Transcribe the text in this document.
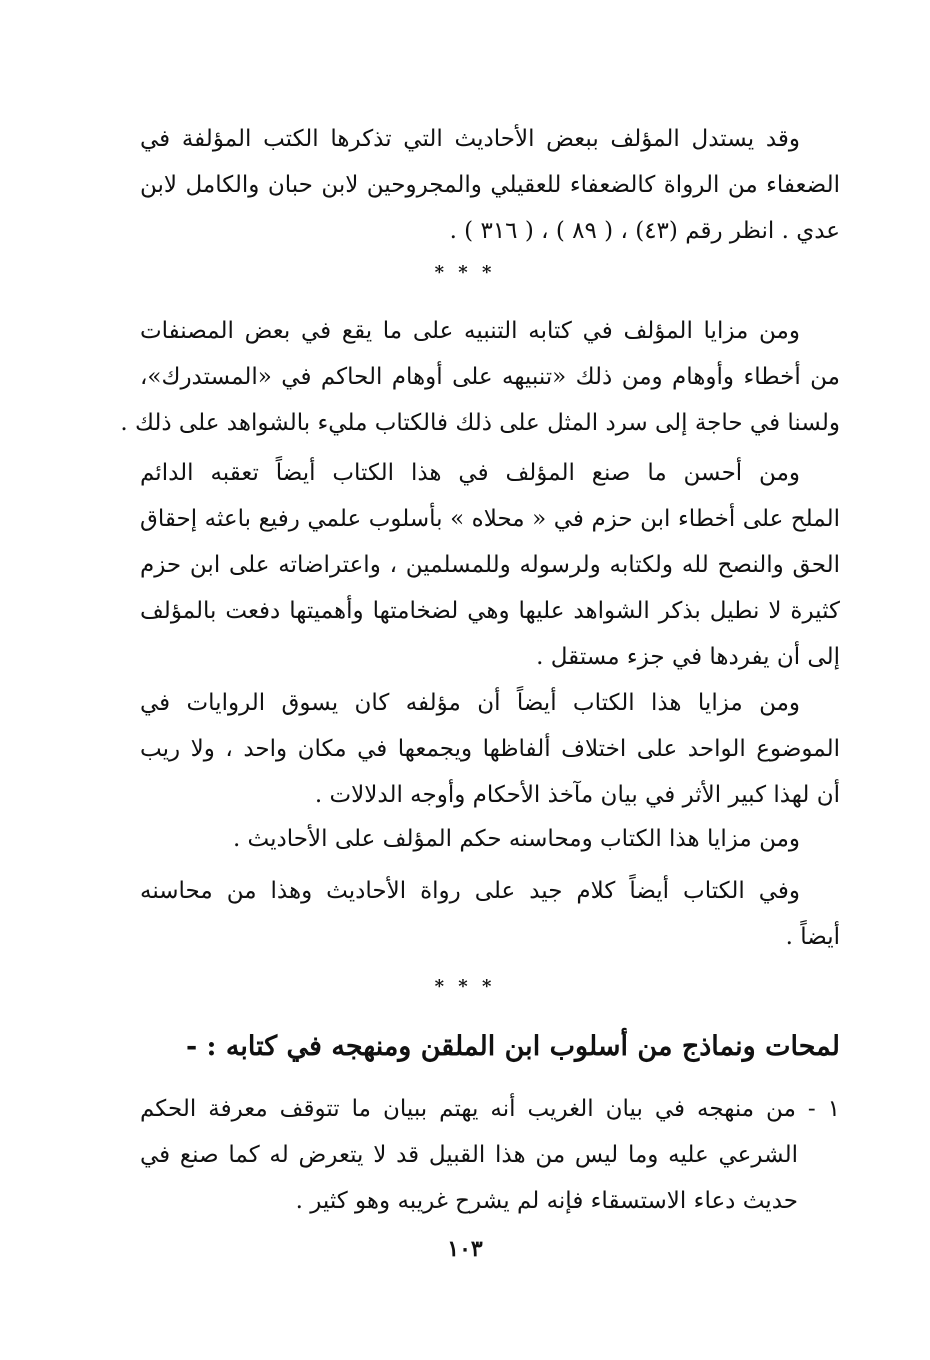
وقد يستدل المؤلف ببعض الأحاديث التي تذكرها الكتب المؤلفة في
الضعفاء من الرواة كالضعفاء للعقيلي والمجروحين لابن حبان والكامل لابن
عدي . انظر رقم (٤٣) ، ( ٨٩ ) ، ( ٣١٦ ) .
* * *
ومن مزايا المؤلف في كتابه التنبيه على ما يقع في بعض المصنفات
من أخطاء وأوهام ومن ذلك «تنبيهه على أوهام الحاكم في «المستدرك»،
ولسنا في حاجة إلى سرد المثل على ذلك فالكتاب مليء بالشواهد على ذلك .
ومن أحسن ما صنع المؤلف في هذا الكتاب أيضاً تعقبه الدائم
الملح على أخطاء ابن حزم في « محلاه » بأسلوب علمي رفيع باعثه إحقاق
الحق والنصح لله ولكتابه ولرسوله وللمسلمين ، واعتراضاته على ابن حزم
كثيرة لا نطيل بذكر الشواهد عليها وهي لضخامتها وأهميتها دفعت بالمؤلف
إلى أن يفردها في جزء مستقل .
ومن مزايا هذا الكتاب أيضاً أن مؤلفه كان يسوق الروايات في
الموضوع الواحد على اختلاف ألفاظها ويجمعها في مكان واحد ، ولا ريب
أن لهذا كبير الأثر في بيان مآخذ الأحكام وأوجه الدلالات .
ومن مزايا هذا الكتاب ومحاسنه حكم المؤلف على الأحاديث .
وفي الكتاب أيضاً كلام جيد على رواة الأحاديث وهذا من محاسنه
أيضاً .
* * *
لمحات ونماذج من أسلوب ابن الملقن ومنهجه في كتابه : -
١ - من منهجه في بيان الغريب أنه يهتم ببيان ما تتوقف معرفة الحكم
الشرعي عليه وما ليس من هذا القبيل قد لا يتعرض له كما صنع في
حديث دعاء الاستسقاء فإنه لم يشرح غريبه وهو كثير .
١٠٣
